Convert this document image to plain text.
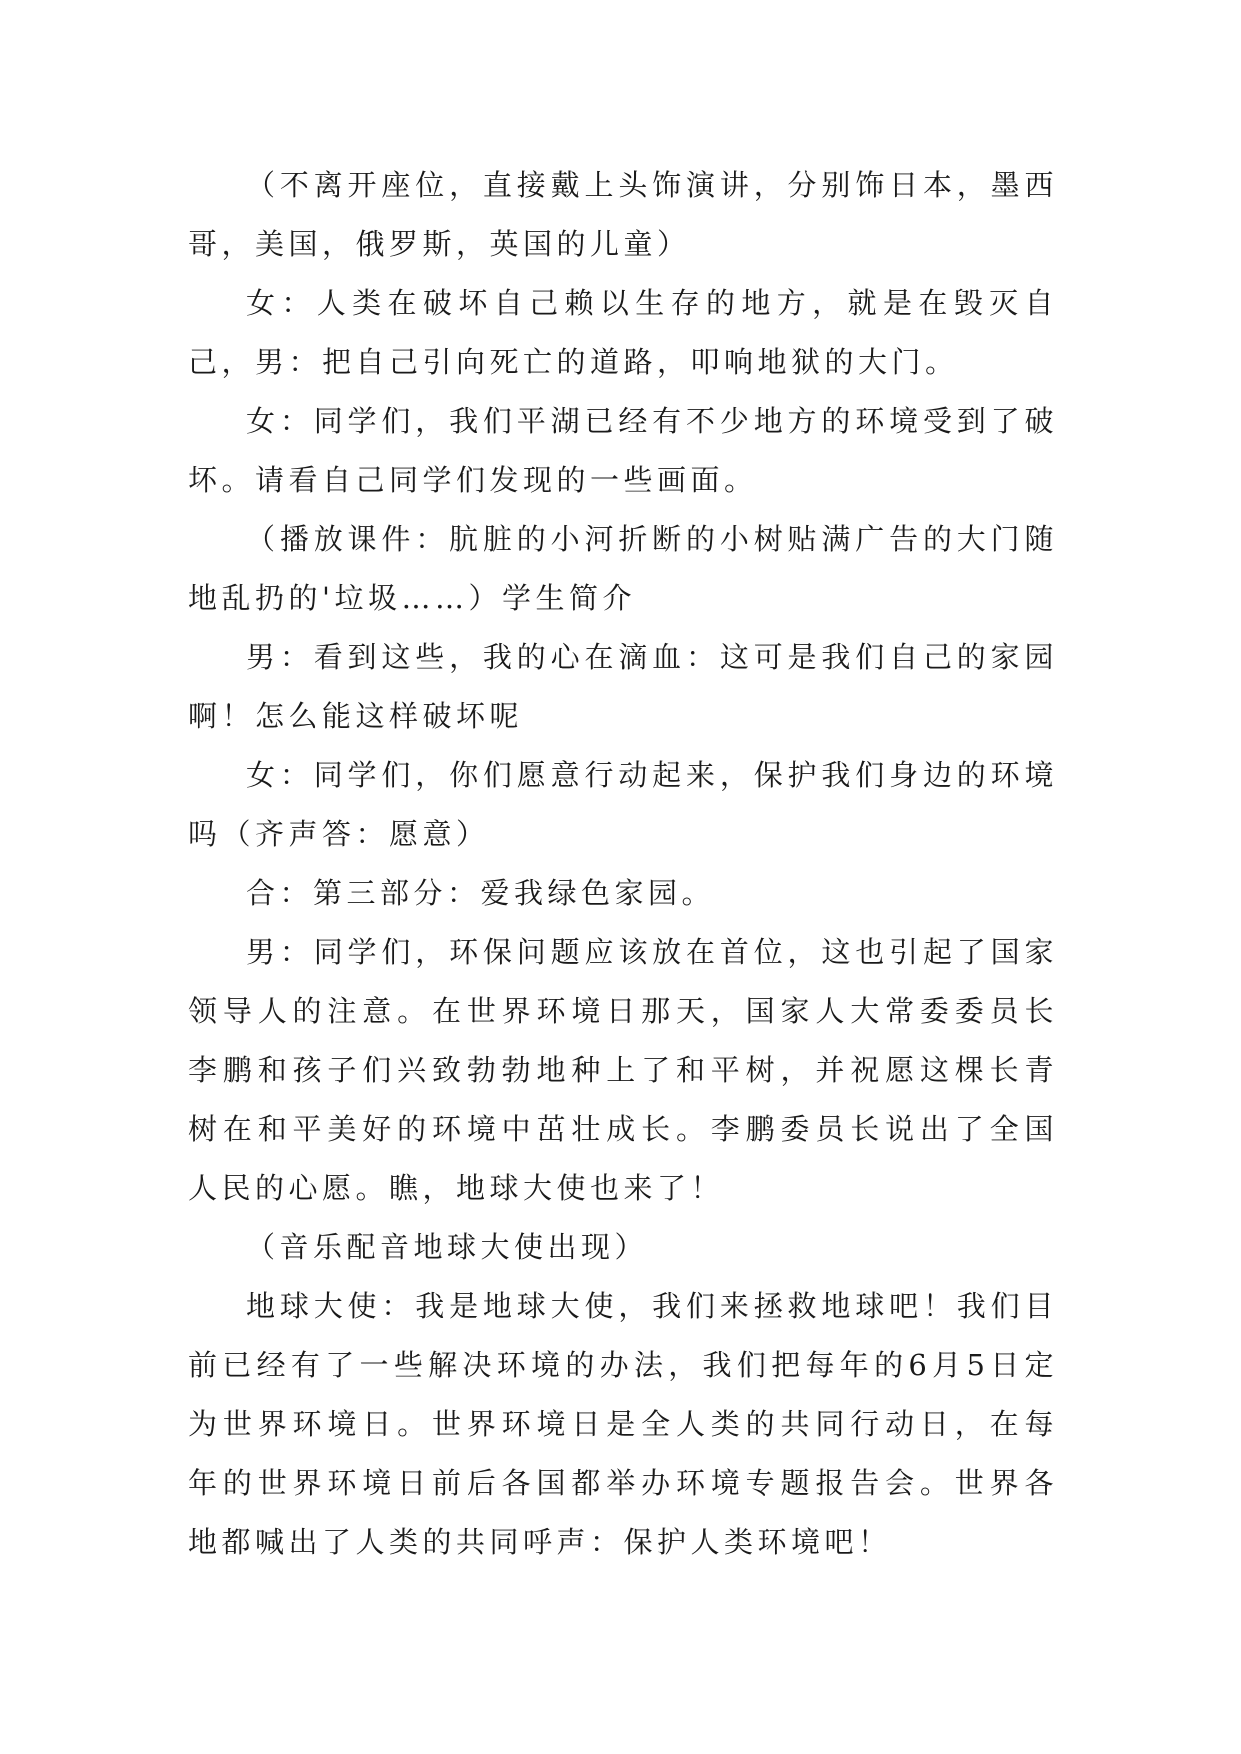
（不离开座位，直接戴上头饰演讲，分别饰日本，墨西哥，美国，俄罗斯，英国的儿童）

女：人类在破坏自己赖以生存的地方，就是在毁灭自己，男：把自己引向死亡的道路，叩响地狱的大门。

女：同学们，我们平湖已经有不少地方的环境受到了破坏。请看自己同学们发现的一些画面。

（播放课件：肮脏的小河折断的小树贴满广告的大门随地乱扔的'垃圾……）学生简介

男：看到这些，我的心在滴血：这可是我们自己的家园啊！怎么能这样破坏呢

女：同学们，你们愿意行动起来，保护我们身边的环境吗（齐声答：愿意）

合：第三部分：爱我绿色家园。

男：同学们，环保问题应该放在首位，这也引起了国家领导人的注意。在世界环境日那天，国家人大常委委员长李鹏和孩子们兴致勃勃地种上了和平树，并祝愿这棵长青树在和平美好的环境中茁壮成长。李鹏委员长说出了全国人民的心愿。瞧，地球大使也来了！

（音乐配音地球大使出现）

地球大使：我是地球大使，我们来拯救地球吧！我们目前已经有了一些解决环境的办法，我们把每年的6月5日定为世界环境日。世界环境日是全人类的共同行动日，在每年的世界环境日前后各国都举办环境专题报告会。世界各地都喊出了人类的共同呼声：保护人类环境吧！
